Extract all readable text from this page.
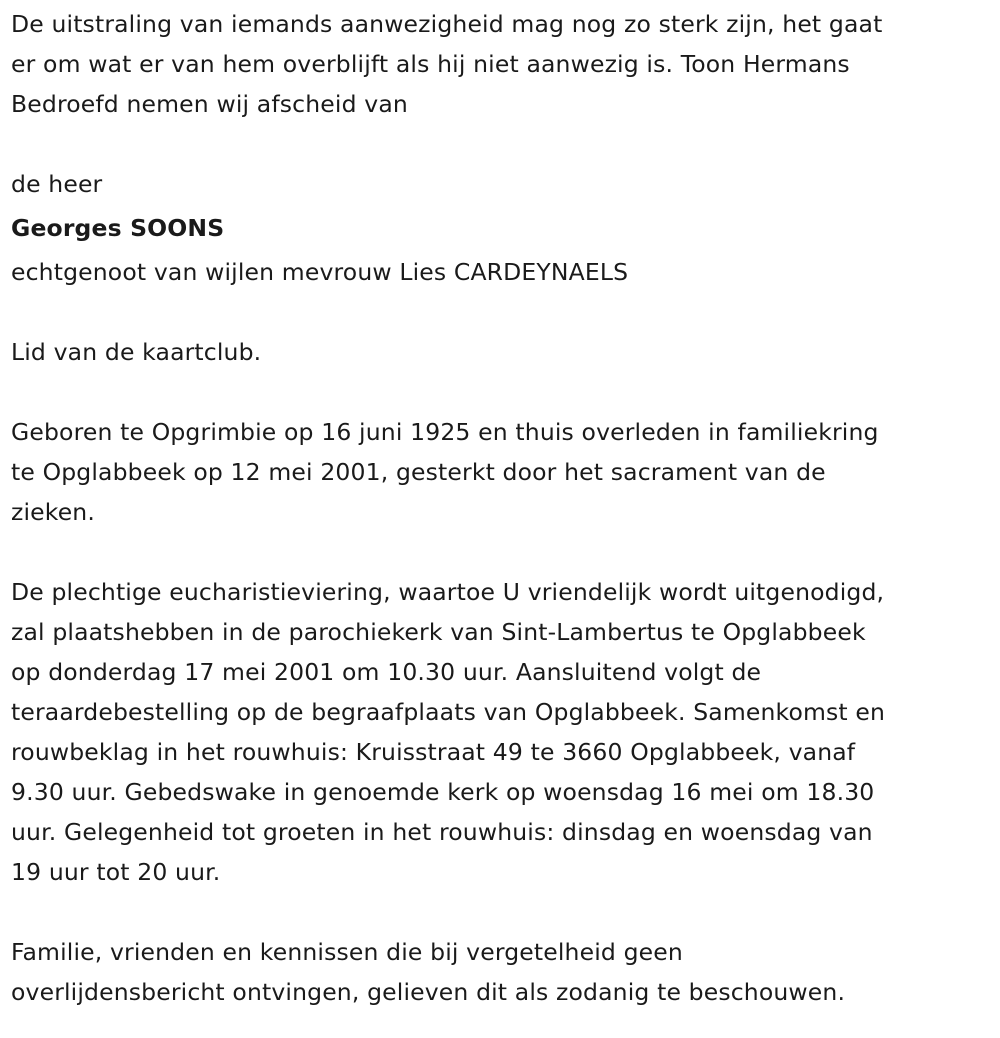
De uitstraling van iemands aanwezigheid mag nog zo sterk zijn, het gaat
er om wat er van hem overblijft als hij niet aanwezig is. Toon Hermans
Bedroefd nemen wij afscheid van
de heer
Georges SOONS
echtgenoot van wijlen mevrouw Lies CARDEYNAELS
Lid van de kaartclub.
Geboren te Opgrimbie op 16 juni 1925 en thuis overleden in familiekring
te Opglabbeek op 12 mei 2001, gesterkt door het sacrament van de
zieken.
De plechtige eucharistieviering, waartoe U vriendelijk wordt uitgenodigd,
zal plaatshebben in de parochiekerk van Sint-Lambertus te Opglabbeek
op donderdag 17 mei 2001 om 10.30 uur. Aansluitend volgt de
teraardebestelling op de begraafplaats van Opglabbeek. Samenkomst en
rouwbeklag in het rouwhuis: Kruisstraat 49 te 3660 Opglabbeek, vanaf
9.30 uur. Gebedswake in genoemde kerk op woensdag 16 mei om 18.30
uur. Gelegenheid tot groeten in het rouwhuis: dinsdag en woensdag van
19 uur tot 20 uur.
Familie, vrienden en kennissen die bij vergetelheid geen
overlijdensbericht ontvingen, gelieven dit als zodanig te beschouwen.
